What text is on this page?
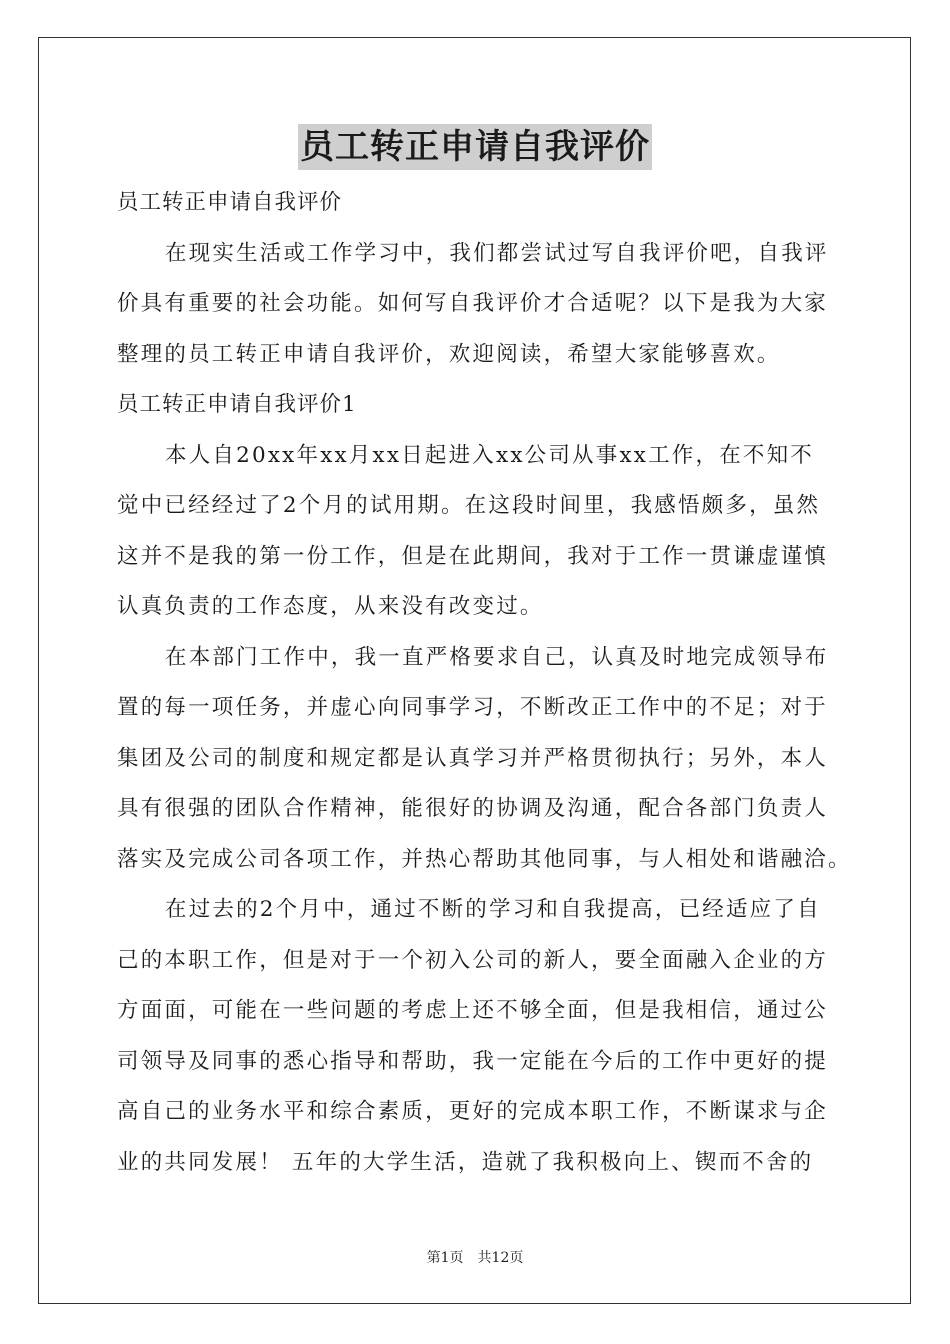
员工转正申请自我评价
员工转正申请自我评价
在现实生活或工作学习中，我们都尝试过写自我评价吧，自我评
价具有重要的社会功能。如何写自我评价才合适呢？以下是我为大家
整理的员工转正申请自我评价，欢迎阅读，希望大家能够喜欢。
员工转正申请自我评价1
本人自20xx年xx月xx日起进入xx公司从事xx工作，在不知不
觉中已经经过了2个月的试用期。在这段时间里，我感悟颇多，虽然
这并不是我的第一份工作，但是在此期间，我对于工作一贯谦虚谨慎
认真负责的工作态度，从来没有改变过。
在本部门工作中，我一直严格要求自己，认真及时地完成领导布
置的每一项任务，并虚心向同事学习，不断改正工作中的不足；对于
集团及公司的制度和规定都是认真学习并严格贯彻执行；另外，本人
具有很强的团队合作精神，能很好的协调及沟通，配合各部门负责人
落实及完成公司各项工作，并热心帮助其他同事，与人相处和谐融洽。
在过去的2个月中，通过不断的学习和自我提高，已经适应了自
己的本职工作，但是对于一个初入公司的新人，要全面融入企业的方
方面面，可能在一些问题的考虑上还不够全面，但是我相信，通过公
司领导及同事的悉心指导和帮助，我一定能在今后的工作中更好的提
高自己的业务水平和综合素质，更好的完成本职工作，不断谋求与企
业的共同发展！ 五年的大学生活，造就了我积极向上、锲而不舍的
第1页 共12页
